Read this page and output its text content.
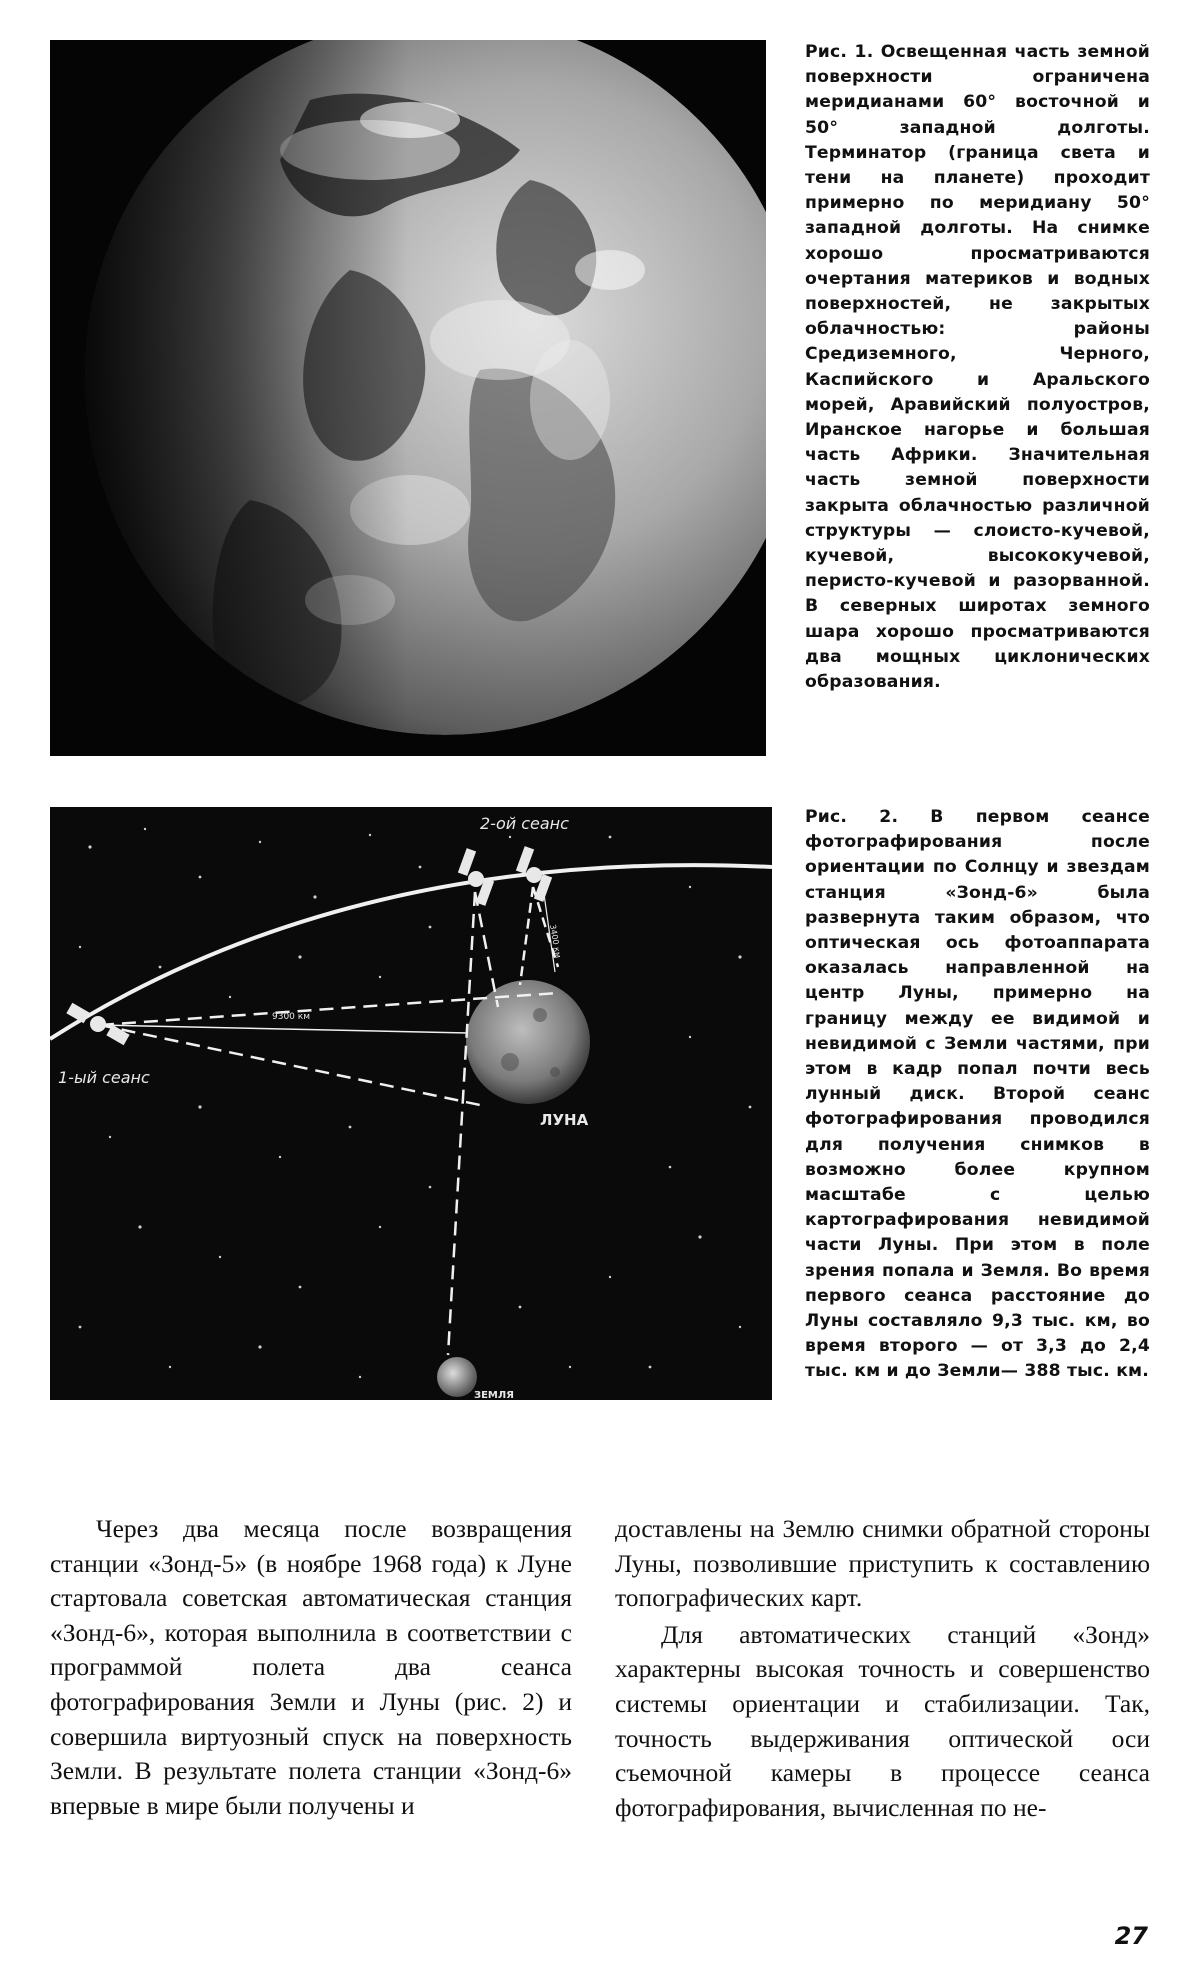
Рис. 1. Освещенная часть земной поверхности ограничена меридианами 60° восточной и 50° западной долготы. Терминатор (граница света и тени на планете) проходит примерно по меридиану 50° западной долготы. На снимке хорошо просматриваются очертания материков и водных поверхностей, не закрытых облачностью: районы Средиземного, Черного, Каспийского и Аральского морей, Аравийский полуостров, Иранское нагорье и большая часть Африки. Значительная часть земной поверхности закрыта облачностью различной структуры — слоисто-кучевой, кучевой, высококучевой, перисто-кучевой и разорванной. В северных широтах земного шара хорошо просматриваются два мощных циклонических образования.
2-ой сеанс
1-ый сеанс
9300 км
3400 км
ЛУНА
ЗЕМЛЯ
Рис. 2. В первом сеансе фотографирования после ориентации по Солнцу и звездам станция «Зонд-6» была развернута таким образом, что оптическая ось фотоаппарата оказалась направленной на центр Луны, примерно на границу между ее видимой и невидимой с Земли частями, при этом в кадр попал почти весь лунный диск. Второй сеанс фотографирования проводился для получения снимков в возможно более крупном масштабе с целью картографирования невидимой части Луны. При этом в поле зрения попала и Земля. Во время первого сеанса расстояние до Луны составляло 9,3 тыс. км, во время второго — от 3,3 до 2,4 тыс. км и до Земли— 388 тыс. км.

Через два месяца после возвращения станции «Зонд-5» (в ноябре 1968 года) к Луне стартовала советская автоматическая станция «Зонд-6», которая выполнила в соответствии с программой полета два сеанса фотографирования Земли и Луны (рис. 2) и совершила виртуозный спуск на поверхность Земли. В результате полета станции «Зонд-6» впервые в мире были получены и

доставлены на Землю снимки обратной стороны Луны, позволившие приступить к составлению топографических карт.

Для автоматических станций «Зонд» характерны высокая точность и совершенство системы ориентации и стабилизации. Так, точность выдерживания оптической оси съемочной камеры в процессе сеанса фотографирования, вычисленная по не-

27
